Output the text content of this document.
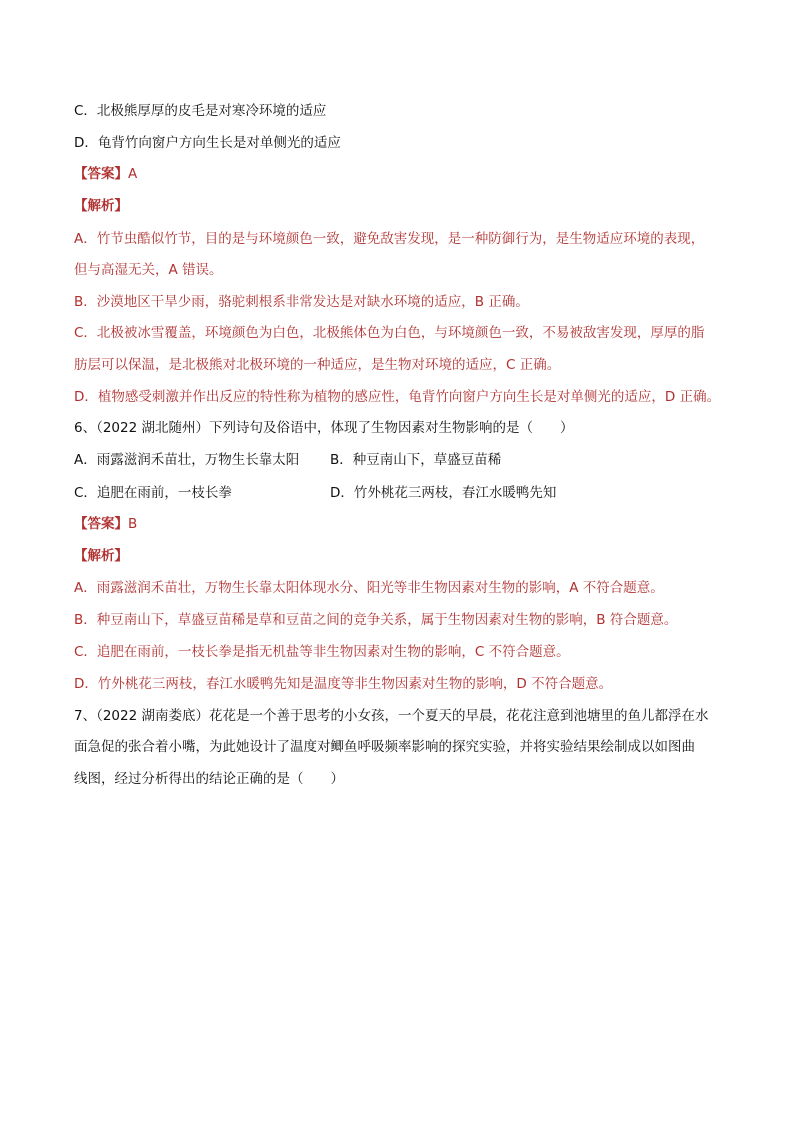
C．北极熊厚厚的皮毛是对寒冷环境的适应
D．龟背竹向窗户方向生长是对单侧光的适应
【答案】A
【解析】
A．竹节虫酷似竹节，目的是与环境颜色一致，避免敌害发现，是一种防御行为，是生物适应环境的表现，
但与高湿无关，A 错误。
B．沙漠地区干旱少雨，骆驼刺根系非常发达是对缺水环境的适应，B 正确。
C．北极被冰雪覆盖，环境颜色为白色，北极熊体色为白色，与环境颜色一致，不易被敌害发现，厚厚的脂
肪层可以保温，是北极熊对北极环境的一种适应，是生物对环境的适应，C 正确。
D．植物感受刺激并作出反应的特性称为植物的感应性，龟背竹向窗户方向生长是对单侧光的适应，D 正确。
6、（2022 湖北随州）下列诗句及俗语中，体现了生物因素对生物影响的是（　　）
A．雨露滋润禾苗壮，万物生长靠太阳 B．种豆南山下，草盛豆苗稀
C．追肥在雨前，一枝长拳	D．竹外桃花三两枝，春江水暖鸭先知
【答案】B
【解析】
A．雨露滋润禾苗壮，万物生长靠太阳体现水分、阳光等非生物因素对生物的影响，A 不符合题意。
B．种豆南山下，草盛豆苗稀是草和豆苗之间的竞争关系，属于生物因素对生物的影响，B 符合题意。
C．追肥在雨前，一枝长拳是指无机盐等非生物因素对生物的影响，C 不符合题意。
D．竹外桃花三两枝，春江水暖鸭先知是温度等非生物因素对生物的影响，D 不符合题意。
7、（2022 湖南娄底）花花是一个善于思考的小女孩，一个夏天的早晨，花花注意到池塘里的鱼儿都浮在水
面急促的张合着小嘴，为此她设计了温度对鲫鱼呼吸频率影响的探究实验，并将实验结果绘制成以如图曲
线图，经过分析得出的结论正确的是（　　）
